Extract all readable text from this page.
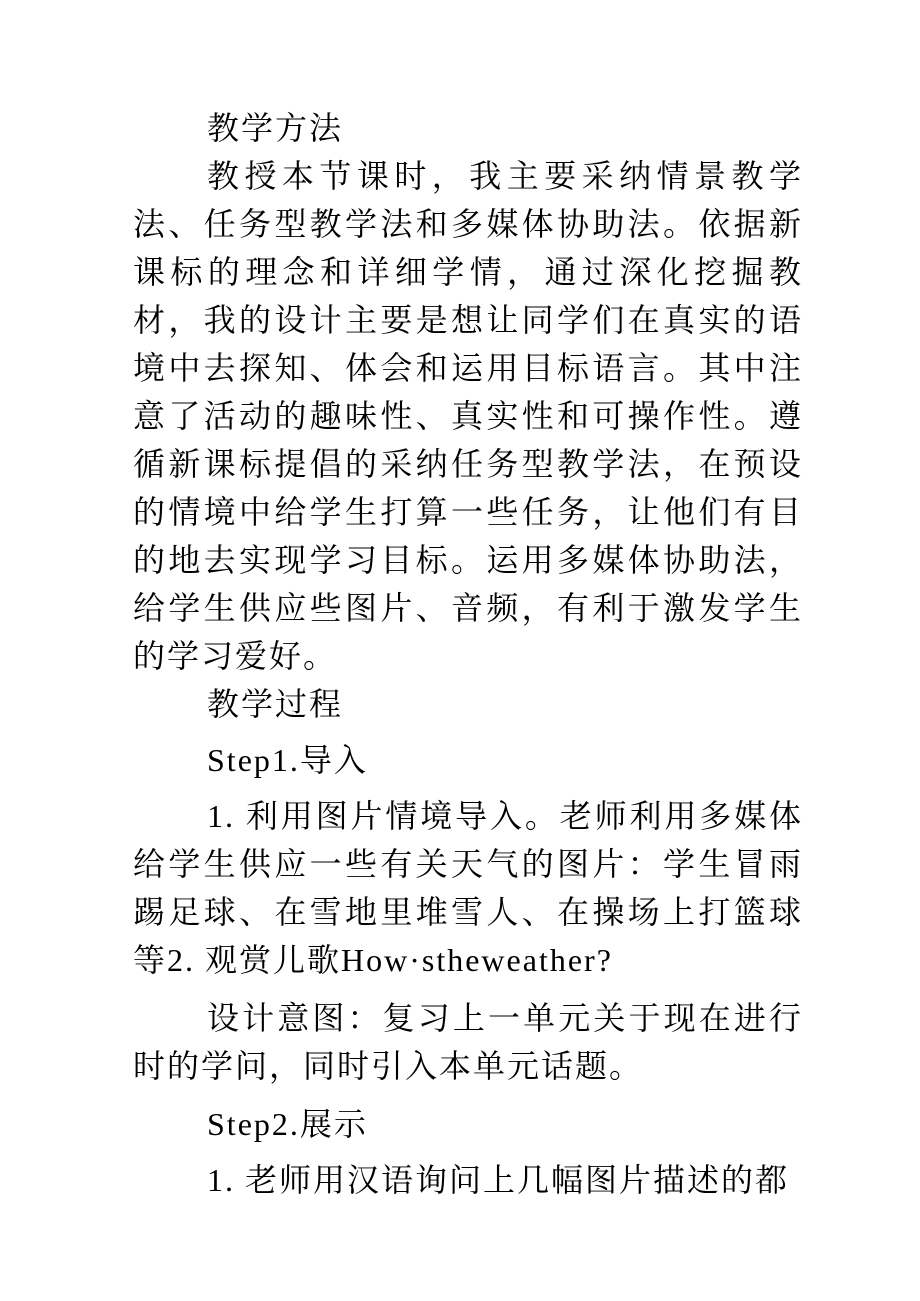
教学方法

教授本节课时，我主要采纳情景教学法、任务型教学法和多媒体协助法。依据新课标的理念和详细学情，通过深化挖掘教材，我的设计主要是想让同学们在真实的语境中去探知、体会和运用目标语言。其中注意了活动的趣味性、真实性和可操作性。遵循新课标提倡的采纳任务型教学法，在预设的情境中给学生打算一些任务，让他们有目的地去实现学习目标。运用多媒体协助法，给学生供应些图片、音频，有利于激发学生的学习爱好。

教学过程

Step1.导入

1. 利用图片情境导入。老师利用多媒体给学生供应一些有关天气的图片：学生冒雨踢足球、在雪地里堆雪人、在操场上打篮球等2. 观赏儿歌How·stheweather?

设计意图：复习上一单元关于现在进行时的学问，同时引入本单元话题。

Step2.展示

1. 老师用汉语询问上几幅图片描述的都
